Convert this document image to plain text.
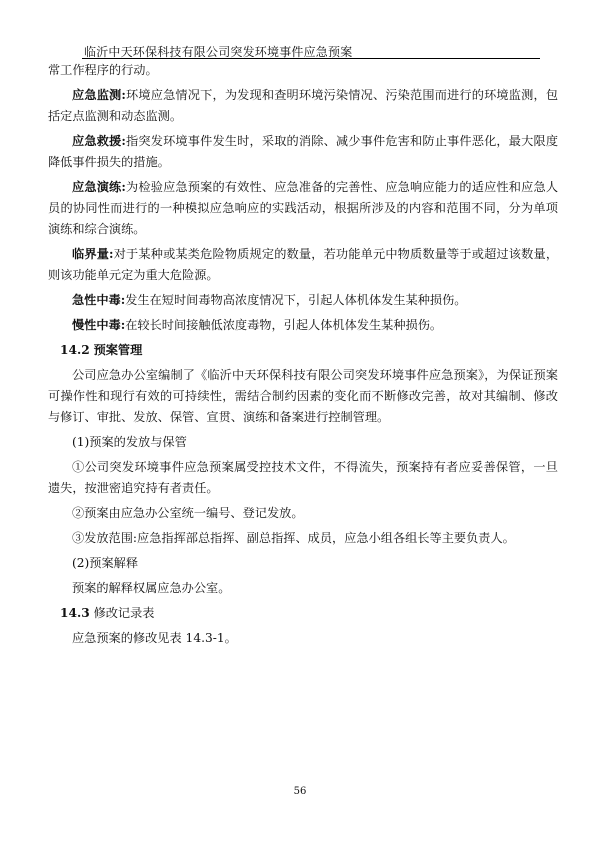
临沂中天环保科技有限公司突发环境事件应急预案

常工作程序的行动。

应急监测:环境应急情况下，为发现和查明环境污染情况、污染范围而进行的环境监测，包括定点监测和动态监测。

应急救援:指突发环境事件发生时，采取的消除、减少事件危害和防止事件恶化，最大限度降低事件损失的措施。

应急演练:为检验应急预案的有效性、应急准备的完善性、应急响应能力的适应性和应急人员的协同性而进行的一种模拟应急响应的实践活动，根据所涉及的内容和范围不同，分为单项演练和综合演练。

临界量:对于某种或某类危险物质规定的数量，若功能单元中物质数量等于或超过该数量，则该功能单元定为重大危险源。

急性中毒:发生在短时间毒物高浓度情况下，引起人体机体发生某种损伤。

慢性中毒:在较长时间接触低浓度毒物，引起人体机体发生某种损伤。

14.2 预案管理

公司应急办公室编制了《临沂中天环保科技有限公司突发环境事件应急预案》，为保证预案可操作性和现行有效的可持续性，需结合制约因素的变化而不断修改完善，故对其编制、修改与修订、审批、发放、保管、宣贯、演练和备案进行控制管理。

(1)预案的发放与保管

①公司突发环境事件应急预案属受控技术文件，不得流失，预案持有者应妥善保管，一旦遗失，按泄密追究持有者责任。

②预案由应急办公室统一编号、登记发放。

③发放范围:应急指挥部总指挥、副总指挥、成员，应急小组各组长等主要负责人。

(2)预案解释

预案的解释权属应急办公室。

14.3 修改记录表

应急预案的修改见表 14.3-1。

56
